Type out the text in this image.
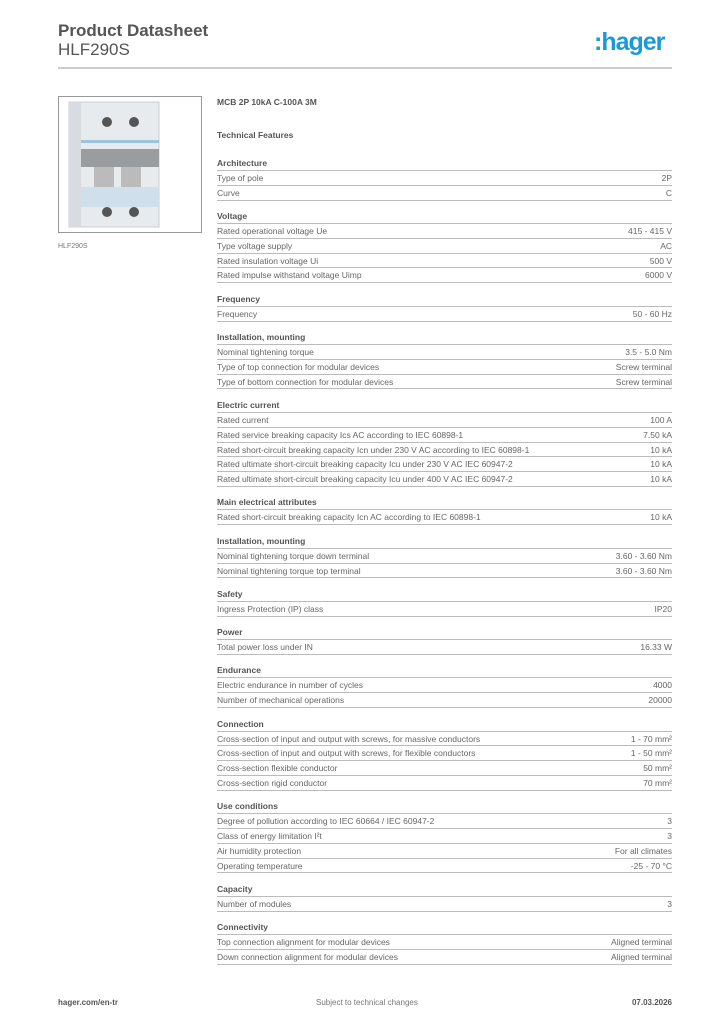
Product Datasheet
HLF290S	:hager
HLF290S
MCB 2P 10kA C-100A 3M
Technical Features
Architecture
Type of pole	2P
Curve	C
Voltage
Rated operational voltage Ue	415 - 415 V
Type voltage supply	AC
Rated insulation voltage Ui	500 V
Rated impulse withstand voltage Uimp	6000 V
Frequency
Frequency	50 - 60 Hz
Installation, mounting
Nominal tightening torque	3.5 - 5.0 Nm
Type of top connection for modular devices	Screw terminal
Type of bottom connection for modular devices	Screw terminal
Electric current
Rated current	100 A
Rated service breaking capacity Ics AC according to IEC 60898-1	7.50 kA
Rated short-circuit breaking capacity Icn under 230 V AC according to IEC 60898-1	10 kA
Rated ultimate short-circuit breaking capacity Icu under 230 V AC IEC 60947-2	10 kA
Rated ultimate short-circuit breaking capacity Icu under 400 V AC IEC 60947-2	10 kA
Main electrical attributes
Rated short-circuit breaking capacity Icn AC according to IEC 60898-1	10 kA
Installation, mounting
Nominal tightening torque down terminal	3.60 - 3.60 Nm
Nominal tightening torque top terminal	3.60 - 3.60 Nm
Safety
Ingress Protection (IP) class	IP20
Power
Total power loss under IN	16.33 W
Endurance
Electric endurance in number of cycles	4000
Number of mechanical operations	20000
Connection
Cross-section of input and output with screws, for massive conductors	1 - 70 mm²
Cross-section of input and output with screws, for flexible conductors	1 - 50 mm²
Cross-section flexible conductor	50 mm²
Cross-section rigid conductor	70 mm²
Use conditions
Degree of pollution according to IEC 60664 / IEC 60947-2	3
Class of energy limitation I²t	3
Air humidity protection	For all climates
Operating temperature	-25 - 70 °C
Capacity
Number of modules	3
Connectivity
Top connection alignment for modular devices	Aligned terminal
Down connection alignment for modular devices	Aligned terminal
hager.com/en-tr	Subject to technical changes	07.03.2026
